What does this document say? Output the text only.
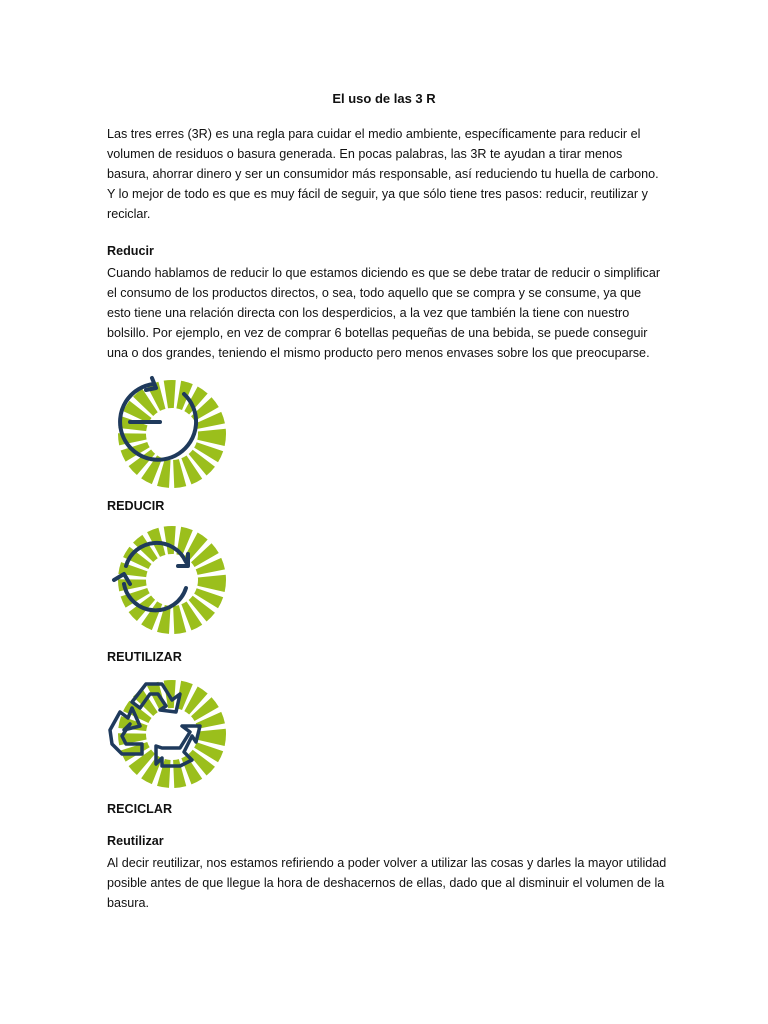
El uso de las 3 R

Las tres erres (3R) es una regla para cuidar el medio ambiente, específicamente para reducir el volumen de residuos o basura generada. En pocas palabras, las 3R te ayudan a tirar menos basura, ahorrar dinero y ser un consumidor más responsable, así reduciendo tu huella de carbono. Y lo mejor de todo es que es muy fácil de seguir, ya que sólo tiene tres pasos: reducir, reutilizar y reciclar.

Reducir

Cuando hablamos de reducir lo que estamos diciendo es que se debe tratar de reducir o simplificar el consumo de los productos directos, o sea, todo aquello que se compra y se consume, ya que esto tiene una relación directa con los desperdicios, a la vez que también la tiene con nuestro bolsillo. Por ejemplo, en vez de comprar 6 botellas pequeñas de una bebida, se puede conseguir una o dos grandes, teniendo el mismo producto pero menos envases sobre los que preocuparse.

REDUCIR
REUTILIZAR
RECICLAR

Reutilizar

Al decir reutilizar, nos estamos refiriendo a poder volver a utilizar las cosas y darles la mayor utilidad posible antes de que llegue la hora de deshacernos de ellas, dado que al disminuir el volumen de la basura.
